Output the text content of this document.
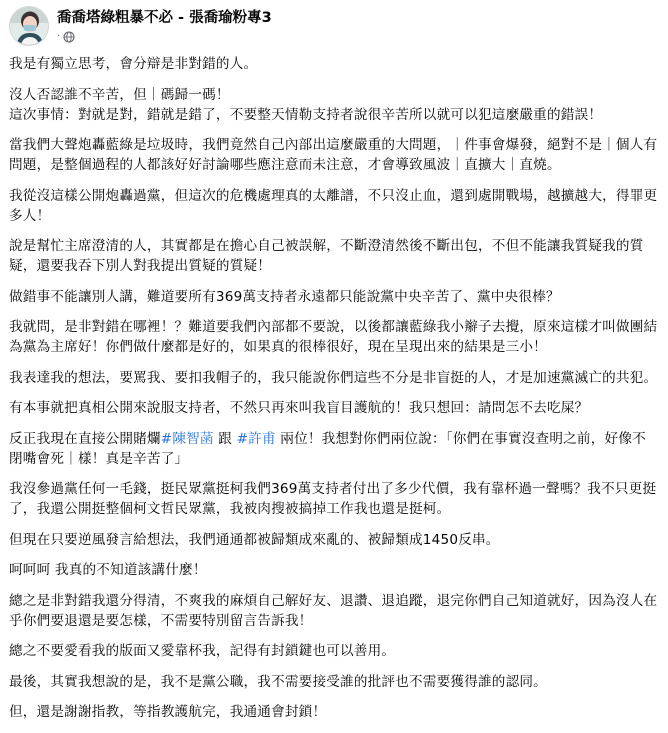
喬喬塔綠粗暴不必 - 張喬瑜粉專3
·

我是有獨立思考，會分辯是非對錯的人。

沒人否認誰不辛苦，但｜碼歸一碼！

這次事情：對就是對，錯就是錯了，不要整天情勒支持者說很辛苦所以就可以犯這麼嚴重的錯誤！

當我們大聲炮轟藍綠是垃圾時，我們竟然自己內部出這麼嚴重的大問題，｜件事會爆發，絕對不是｜個人有問題，是整個過程的人都該好好討論哪些應注意而未注意，才會導致風波｜直擴大｜直燒。

我從沒這樣公開炮轟過黨，但這次的危機處理真的太離譜，不只沒止血，還到處開戰場，越擴越大，得罪更多人！

說是幫忙主席澄清的人，其實都是在擔心自己被誤解，不斷澄清然後不斷出包，不但不能讓我質疑我的質疑，還要我吞下別人對我提出質疑的質疑！

做錯事不能讓別人講，難道要所有369萬支持者永遠都只能說黨中央辛苦了、黨中央很棒？

我就問，是非對錯在哪裡！？難道要我們內部都不要說，以後都讓藍綠我小辮子去攪，原來這樣才叫做團結為黨為主席好！你們做什麼都是好的，如果真的很棒很好，現在呈現出來的結果是三小！

我表達我的想法，要罵我、要扣我帽子的，我只能說你們這些不分是非盲挺的人，才是加速黨滅亡的共犯。

有本事就把真相公開來說服支持者，不然只再來叫我盲目護航的！我只想回：請問怎不去吃屎？

反正我現在直接公開賭爛#陳智菡 跟 #許甫 兩位！我想對你們兩位說：「你們在事實沒查明之前，好像不閉嘴會死｜樣！真是辛苦了」

我沒參過黨任何一毛錢，挺民眾黨挺柯我們369萬支持者付出了多少代價，我有靠杯過一聲嗎？我不只更挺了，我還公開挺整個柯文哲民眾黨，我被肉搜被搞掉工作我也還是挺柯。

但現在只要逆風發言給想法，我們通通都被歸類成來亂的、被歸類成1450反串。

呵呵呵 我真的不知道該講什麼！

總之是非對錯我還分得清，不爽我的麻煩自己解好友、退讚、退追蹤，退完你們自己知道就好，因為沒人在乎你們要退還是要怎樣，不需要特別留言告訴我！

總之不要愛看我的版面又愛靠杯我，記得有封鎖鍵也可以善用。

最後，其實我想說的是，我不是黨公職，我不需要接受誰的批評也不需要獲得誰的認同。

但，還是謝謝指教，等指教護航完，我通通會封鎖！
